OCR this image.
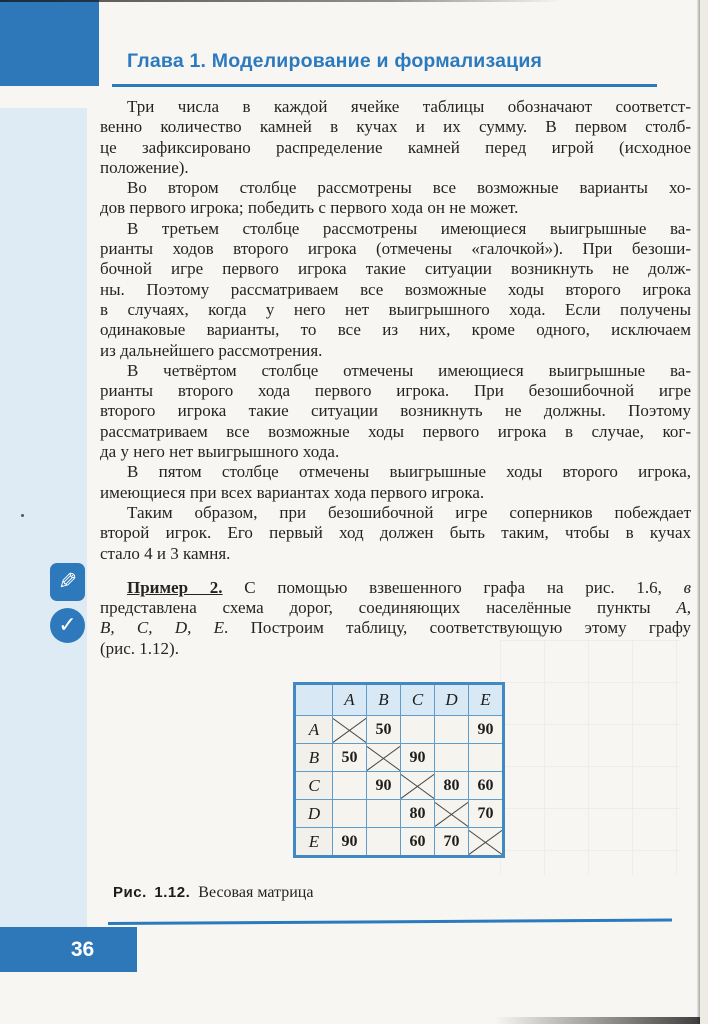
Глава 1. Моделирование и формализация
✎
✓
Три числа в каждой ячейке таблицы обозначают соответст-
венно количество камней в кучах и их сумму. В первом столб-
це зафиксировано распределение камней перед игрой (исходное
положение).
Во втором столбце рассмотрены все возможные варианты хо-
дов первого игрока; победить с первого хода он не может.
В третьем столбце рассмотрены имеющиеся выигрышные ва-
рианты ходов второго игрока (отмечены «галочкой»). При безоши-
бочной игре первого игрока такие ситуации возникнуть не долж-
ны. Поэтому рассматриваем все возможные ходы второго игрока
в случаях, когда у него нет выигрышного хода. Если получены
одинаковые варианты, то все из них, кроме одного, исключаем
из дальнейшего рассмотрения.
В четвёртом столбце отмечены имеющиеся выигрышные ва-
рианты второго хода первого игрока. При безошибочной игре
второго игрока такие ситуации возникнуть не должны. Поэтому
рассматриваем все возможные ходы первого игрока в случае, ког-
да у него нет выигрышного хода.
В пятом столбце отмечены выигрышные ходы второго игрока,
имеющиеся при всех вариантах хода первого игрока.
Таким образом, при безошибочной игре соперников побеждает
второй игрок. Его первый ход должен быть таким, чтобы в кучах
стало 4 и 3 камня.
Пример 2. С помощью взвешенного графа на рис. 1.6, в
представлена схема дорог, соединяющих населённые пункты А,
В, С, D, Е. Построим таблицу, соответствующую этому графу
(рис. 1.12).
	A	B	C	D	E
A		50			90
B	50		90		
C		90		80	60
D			80		70
E	90		60	70	
Рис. 1.12. Весовая матрица
36
